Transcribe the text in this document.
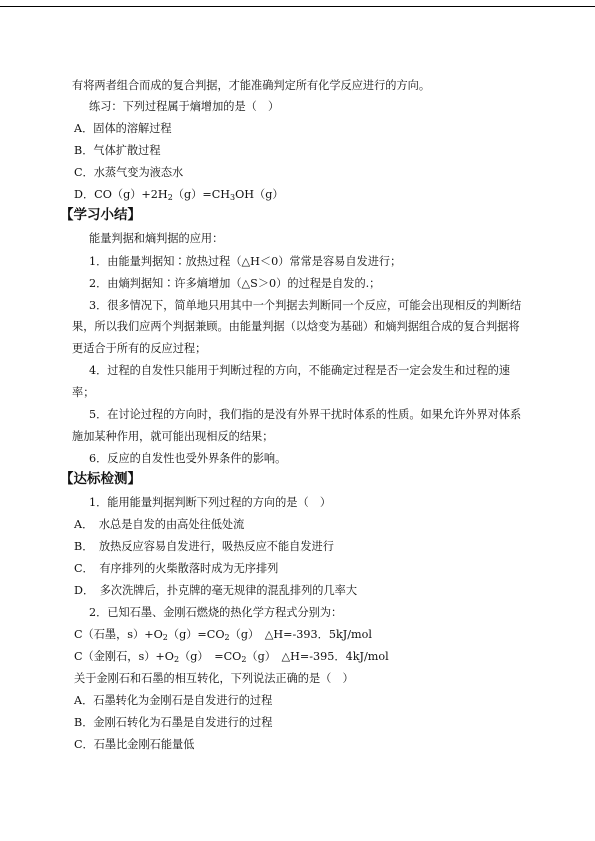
有将两者组合而成的复合判据，才能准确判定所有化学反应进行的方向。
练习：下列过程属于熵增加的是（　）
A．固体的溶解过程
B．气体扩散过程
C．水蒸气变为液态水
D．$CO(g)+2H_2(g)=CH_3OH(g)$
【学习小结】
能量判据和熵判据的应用：
1．由能量判据知∶放热过程（△H＜0）常常是容易自发进行；
2．由熵判据知∶许多熵增加（△S＞0）的过程是自发的.；
3．很多情况下，简单地只用其中一个判据去判断同一个反应，可能会出现相反的判断结
果，所以我们应两个判据兼顾。由能量判据（以焓变为基础）和熵判据组合成的复合判据将
更适合于所有的反应过程；
4．过程的自发性只能用于判断过程的方向，不能确定过程是否一定会发生和过程的速
率；
5．在讨论过程的方向时，我们指的是没有外界干扰时体系的性质。如果允许外界对体系
施加某种作用，就可能出现相反的结果；
6．反应的自发性也受外界条件的影响。
【达标检测】
1．能用能量判据判断下列过程的方向的是（　）
A．　水总是自发的由高处往低处流
B．　放热反应容易自发进行，吸热反应不能自发进行
C．　有序排列的火柴散落时成为无序排列
D．　多次洗牌后，扑克牌的毫无规律的混乱排列的几率大
2．已知石墨、金刚石燃烧的热化学方程式分别为：
C（石墨，$s)+O_2(g)=CO_2(g)$　△H=-393．5kJ/mol
C（金刚石，$s)+O_2(g)$　$=CO_2(g)$　△H=-395．4kJ/mol
关于金刚石和石墨的相互转化，下列说法正确的是（　）
A．石墨转化为金刚石是自发进行的过程
B．金刚石转化为石墨是自发进行的过程
C．石墨比金刚石能量低
